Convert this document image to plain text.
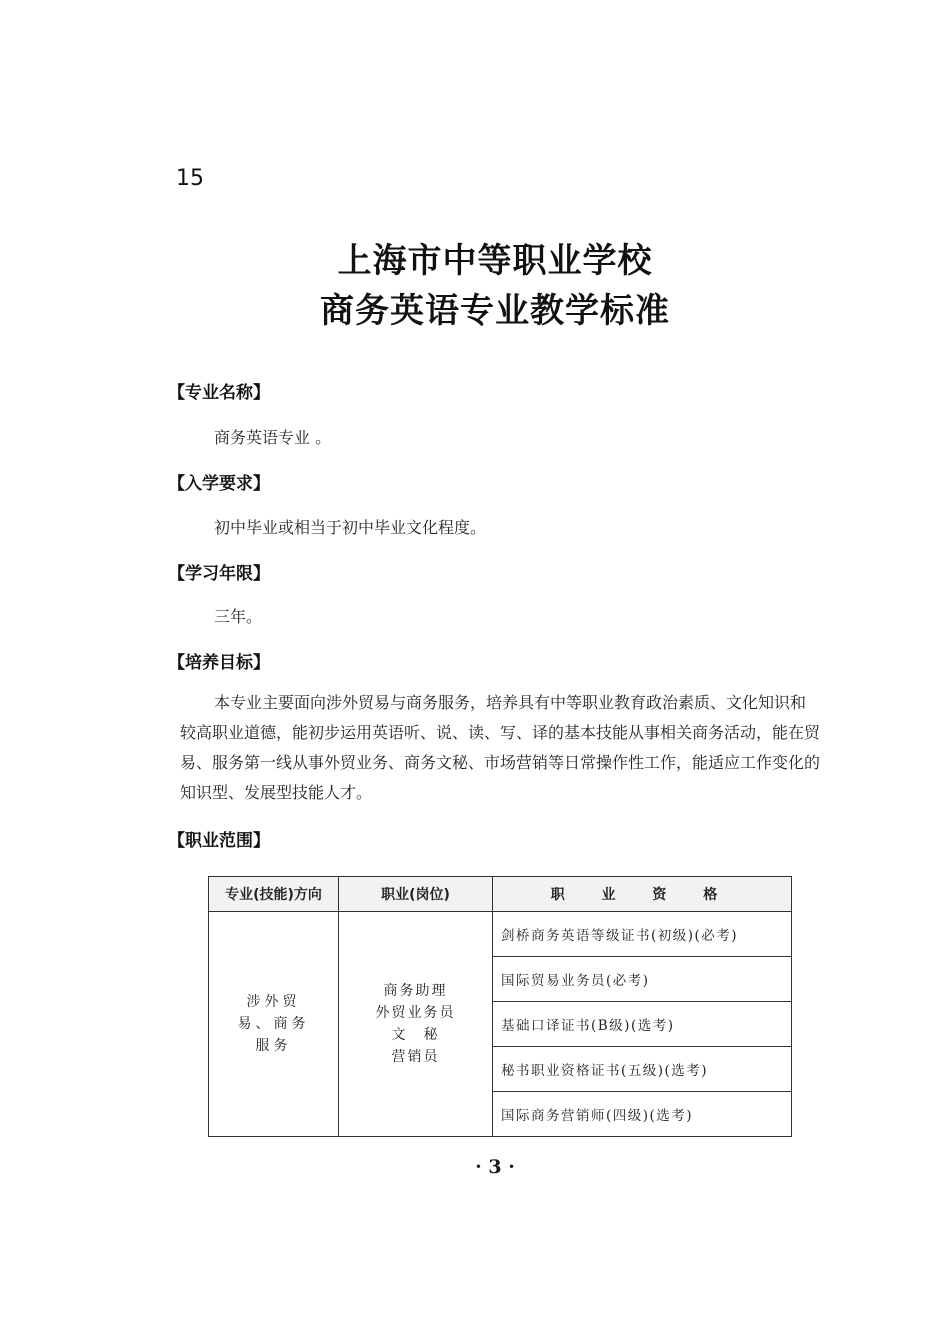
15
上海市中等职业学校
商务英语专业教学标准
【专业名称】
商务英语专业 。
【入学要求】
初中毕业或相当于初中毕业文化程度。
【学习年限】
三年。
【培养目标】

本专业主要面向涉外贸易与商务服务，培养具有中等职业教育政治素质、文化知识和较高职业道德，能初步运用英语听、说、读、写、译的基本技能从事相关商务活动，能在贸易、服务第一线从事外贸业务、商务文秘、市场营销等日常操作性工作，能适应工作变化的知识型、发展型技能人才。

【职业范围】
专业(技能)方向	职业(岗位)	职 业 资 格

涉外贸
易、商务
服务	商务助理
外贸业务员
文　秘
营销员	剑桥商务英语等级证书(初级)(必考)
		国际贸易业务员(必考)
		基础口译证书(B级)(选考)
		秘书职业资格证书(五级)(选考)
		国际商务营销师(四级)(选考)
· 3 ·
